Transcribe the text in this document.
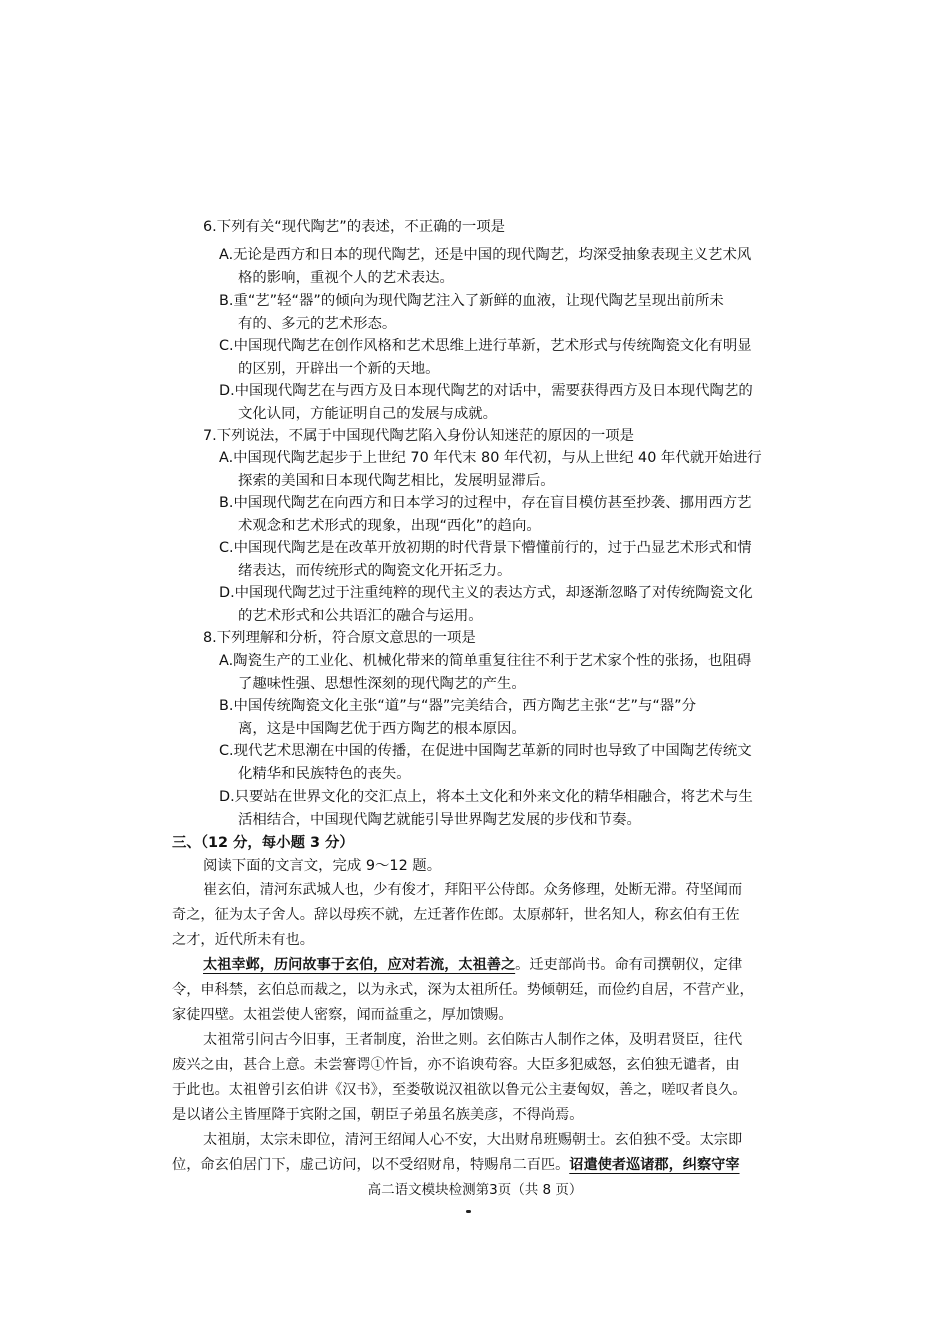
6.下列有关“现代陶艺”的表述，不正确的一项是
A.无论是西方和日本的现代陶艺，还是中国的现代陶艺，均深受抽象表现主义艺术风
格的影响，重视个人的艺术表达。
B.重“艺”轻“器”的倾向为现代陶艺注入了新鲜的血液，让现代陶艺呈现出前所未
有的、多元的艺术形态。
C.中国现代陶艺在创作风格和艺术思维上进行革新，艺术形式与传统陶瓷文化有明显
的区别，开辟出一个新的天地。
D.中国现代陶艺在与西方及日本现代陶艺的对话中，需要获得西方及日本现代陶艺的
文化认同，方能证明自己的发展与成就。
7.下列说法，不属于中国现代陶艺陷入身份认知迷茫的原因的一项是
A.中国现代陶艺起步于上世纪 70 年代末 80 年代初，与从上世纪 40 年代就开始进行
探索的美国和日本现代陶艺相比，发展明显滞后。
B.中国现代陶艺在向西方和日本学习的过程中，存在盲目模仿甚至抄袭、挪用西方艺
术观念和艺术形式的现象，出现“西化”的趋向。
C.中国现代陶艺是在改革开放初期的时代背景下懵懂前行的，过于凸显艺术形式和情
绪表达，而传统形式的陶瓷文化开拓乏力。
D.中国现代陶艺过于注重纯粹的现代主义的表达方式，却逐渐忽略了对传统陶瓷文化
的艺术形式和公共语汇的融合与运用。
8.下列理解和分析，符合原文意思的一项是
A.陶瓷生产的工业化、机械化带来的简单重复往往不利于艺术家个性的张扬，也阻碍
了趣味性强、思想性深刻的现代陶艺的产生。
B.中国传统陶瓷文化主张“道”与“器”完美结合，西方陶艺主张“艺”与“器”分
离，这是中国陶艺优于西方陶艺的根本原因。
C.现代艺术思潮在中国的传播，在促进中国陶艺革新的同时也导致了中国陶艺传统文
化精华和民族特色的丧失。
D.只要站在世界文化的交汇点上，将本土文化和外来文化的精华相融合，将艺术与生
活相结合，中国现代陶艺就能引导世界陶艺发展的步伐和节奏。
三、（12 分，每小题 3 分）
阅读下面的文言文，完成 9～12 题。
崔玄伯，清河东武城人也，少有俊才，拜阳平公侍郎。众务修理，处断无滞。苻坚闻而
奇之，征为太子舍人。辞以母疾不就，左迁著作佐郎。太原郝轩，世名知人，称玄伯有王佐
之才，近代所未有也。
太祖幸邺，历问故事于玄伯，应对若流，太祖善之。迁吏部尚书。命有司撰朝仪，定律
令，申科禁，玄伯总而裁之，以为永式，深为太祖所任。势倾朝廷，而俭约自居，不营产业，
家徒四壁。太祖尝使人密察，闻而益重之，厚加馈赐。
太祖常引问古今旧事，王者制度，治世之则。玄伯陈古人制作之体，及明君贤臣，往代
废兴之由，甚合上意。未尝謇谔①忤旨，亦不谄谀苟容。大臣多犯威怒，玄伯独无谴者，由
于此也。太祖曾引玄伯讲《汉书》，至娄敬说汉祖欲以鲁元公主妻匈奴，善之，嗟叹者良久。
是以诸公主皆厘降于宾附之国，朝臣子弟虽名族美彦，不得尚焉。
太祖崩，太宗未即位，清河王绍闻人心不安，大出财帛班赐朝士。玄伯独不受。太宗即
位，命玄伯居门下，虚己访问，以不受绍财帛，特赐帛二百匹。诏遣使者巡诸郡，纠察守宰
高二语文模块检测第3页（共 8 页）
